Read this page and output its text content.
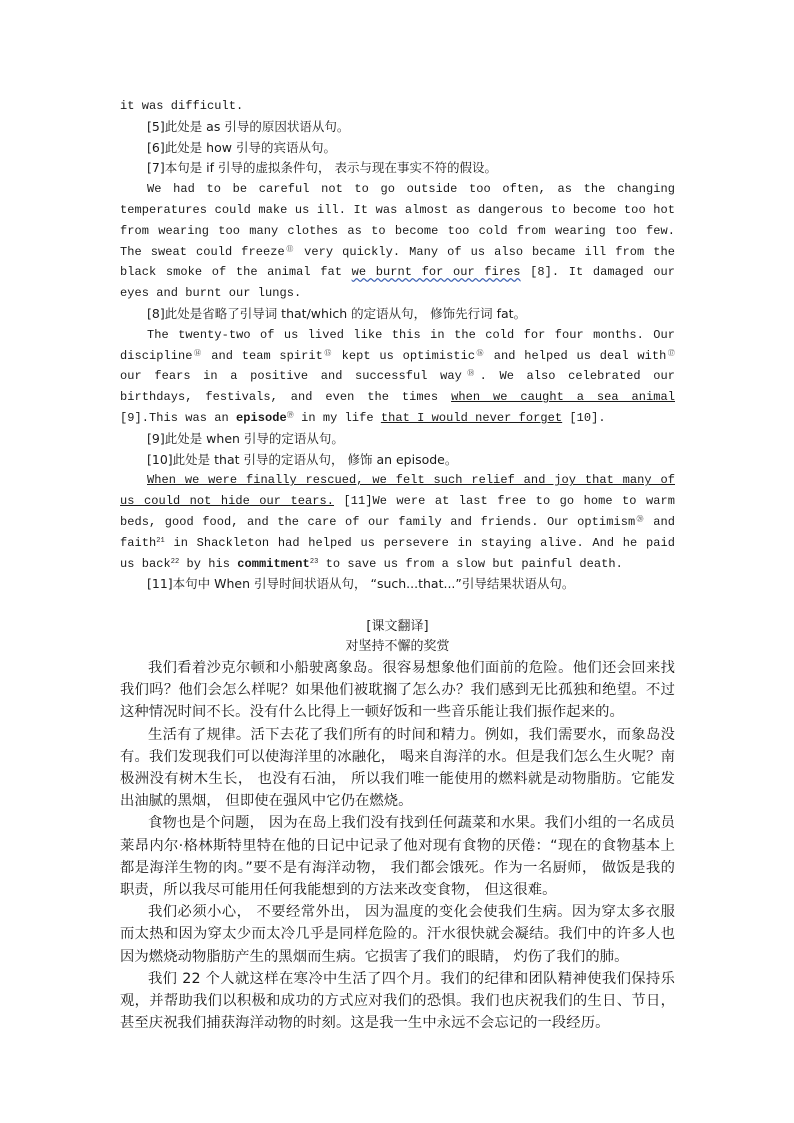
it was difficult.

[5]此处是 as 引导的原因状语从句。

[6]此处是 how 引导的宾语从句。

[7]本句是 if 引导的虚拟条件句， 表示与现在事实不符的假设。

We had to be careful not to go outside too often, as the changing temperatures could make us ill. It was almost as dangerous to become too hot from wearing too many clothes as to become too cold from wearing too few. The sweat could freeze⑪ very quickly. Many of us also became ill from the black smoke of the animal fat we burnt for our fires [8]. It damaged our eyes and burnt our lungs.

[8]此处是省略了引导词 that/which 的定语从句， 修饰先行词 fat。

The twenty-two of us lived like this in the cold for four months. Our discipline⑭ and team spirit⑮ kept us optimistic⑯ and helped us deal with⑰ our fears in a positive and successful way⑱. We also celebrated our birthdays, festivals, and even the times when we caught a sea animal [9].This was an episode⑲ in my life that I would never forget [10].

[9]此处是 when 引导的定语从句。

[10]此处是 that 引导的定语从句， 修饰 an episode。

When we were finally rescued, we felt such relief and joy that many of us could not hide our tears. [11]We were at last free to go home to warm beds, good food, and the care of our family and friends. Our optimism⑳ and faith$^{21}$ in Shackleton had helped us persevere in staying alive. And he paid us back$^{22}$ by his commitment$^{23}$ to save us from a slow but painful death.

[11]本句中 When 引导时间状语从句， “such...that...”引导结果状语从句。

[课文翻译]

对坚持不懈的奖赏

我们看着沙克尔顿和小船驶离象岛。很容易想象他们面前的危险。他们还会回来找我们吗？他们会怎么样呢？如果他们被耽搁了怎么办？我们感到无比孤独和绝望。不过这种情况时间不长。没有什么比得上一顿好饭和一些音乐能让我们振作起来的。

生活有了规律。活下去花了我们所有的时间和精力。例如，我们需要水，而象岛没有。我们发现我们可以使海洋里的冰融化， 喝来自海洋的水。但是我们怎么生火呢？南极洲没有树木生长， 也没有石油， 所以我们唯一能使用的燃料就是动物脂肪。它能发出油腻的黑烟， 但即使在强风中它仍在燃烧。

食物也是个问题， 因为在岛上我们没有找到任何蔬菜和水果。我们小组的一名成员莱昂内尔·格林斯特里特在他的日记中记录了他对现有食物的厌倦：“现在的食物基本上都是海洋生物的肉。”要不是有海洋动物， 我们都会饿死。作为一名厨师， 做饭是我的职责，所以我尽可能用任何我能想到的方法来改变食物， 但这很难。

我们必须小心， 不要经常外出， 因为温度的变化会使我们生病。因为穿太多衣服而太热和因为穿太少而太冷几乎是同样危险的。汗水很快就会凝结。我们中的许多人也因为燃烧动物脂肪产生的黑烟而生病。它损害了我们的眼睛， 灼伤了我们的肺。

我们 22 个人就这样在寒冷中生活了四个月。我们的纪律和团队精神使我们保持乐观，并帮助我们以积极和成功的方式应对我们的恐惧。我们也庆祝我们的生日、节日， 甚至庆祝我们捕获海洋动物的时刻。这是我一生中永远不会忘记的一段经历。
